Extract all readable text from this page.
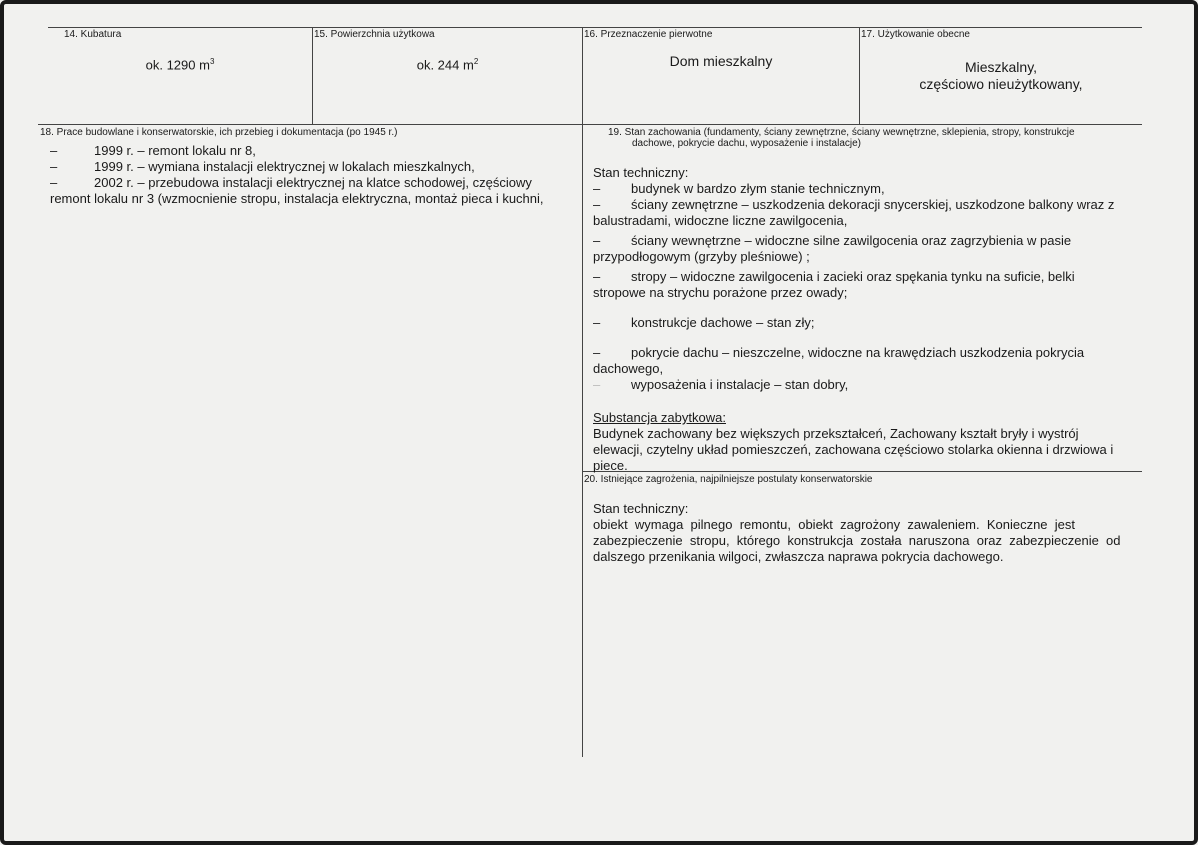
14. Kubatura
ok. 1290 $m^3$
15. Powierzchnia użytkowa
ok. 244 $m^2$
16. Przeznaczenie pierwotne
Dom mieszkalny
17. Użytkowanie obecne
Mieszkalny,
częściowo nieużytkowany,
18. Prace budowlane i konserwatorskie, ich przebieg i dokumentacja (po 1945 r.)
–	1999 r. – remont lokalu nr 8,
–	1999 r. – wymiana instalacji elektrycznej w lokalach mieszkalnych,
–	2002 r. – przebudowa instalacji elektrycznej na klatce schodowej, częściowy
remont lokalu nr 3 (wzmocnienie stropu, instalacja elektryczna, montaż pieca i kuchni,
19. Stan zachowania (fundamenty, ściany zewnętrzne, ściany wewnętrzne, sklepienia, stropy, konstrukcje
dachowe, pokrycie dachu, wyposażenie i instalacje)
Stan techniczny:
– budynek w bardzo złym stanie technicznym,
– ściany zewnętrzne – uszkodzenia dekoracji snycerskiej, uszkodzone balkony wraz z
balustradami, widoczne liczne zawilgocenia,
– ściany wewnętrzne – widoczne silne zawilgocenia oraz zagrzybienia w pasie
przypodłogowym (grzyby pleśniowe) ;
– stropy – widoczne zawilgocenia i zacieki oraz spękania tynku na suficie, belki
stropowe na strychu porażone przez owady;
– konstrukcje dachowe – stan zły;
– pokrycie dachu – nieszczelne, widoczne na krawędziach uszkodzenia pokrycia
dachowego,
– wyposażenia i instalacje – stan dobry,
Substancja zabytkowa:
Budynek zachowany bez większych przekształceń, Zachowany kształt bryły i wystrój
elewacji, czytelny układ pomieszczeń, zachowana częściowo stolarka okienna i drzwiowa i
piece.
20. Istniejące zagrożenia, najpilniejsze postulaty konserwatorskie
Stan techniczny:
obiekt  wymaga  pilnego  remontu,  obiekt  zagrożony  zawaleniem.  Konieczne  jest
zabezpieczenie  stropu,  którego  konstrukcja  została  naruszona  oraz  zabezpieczenie  od
dalszego przenikania wilgoci, zwłaszcza naprawa pokrycia dachowego.
